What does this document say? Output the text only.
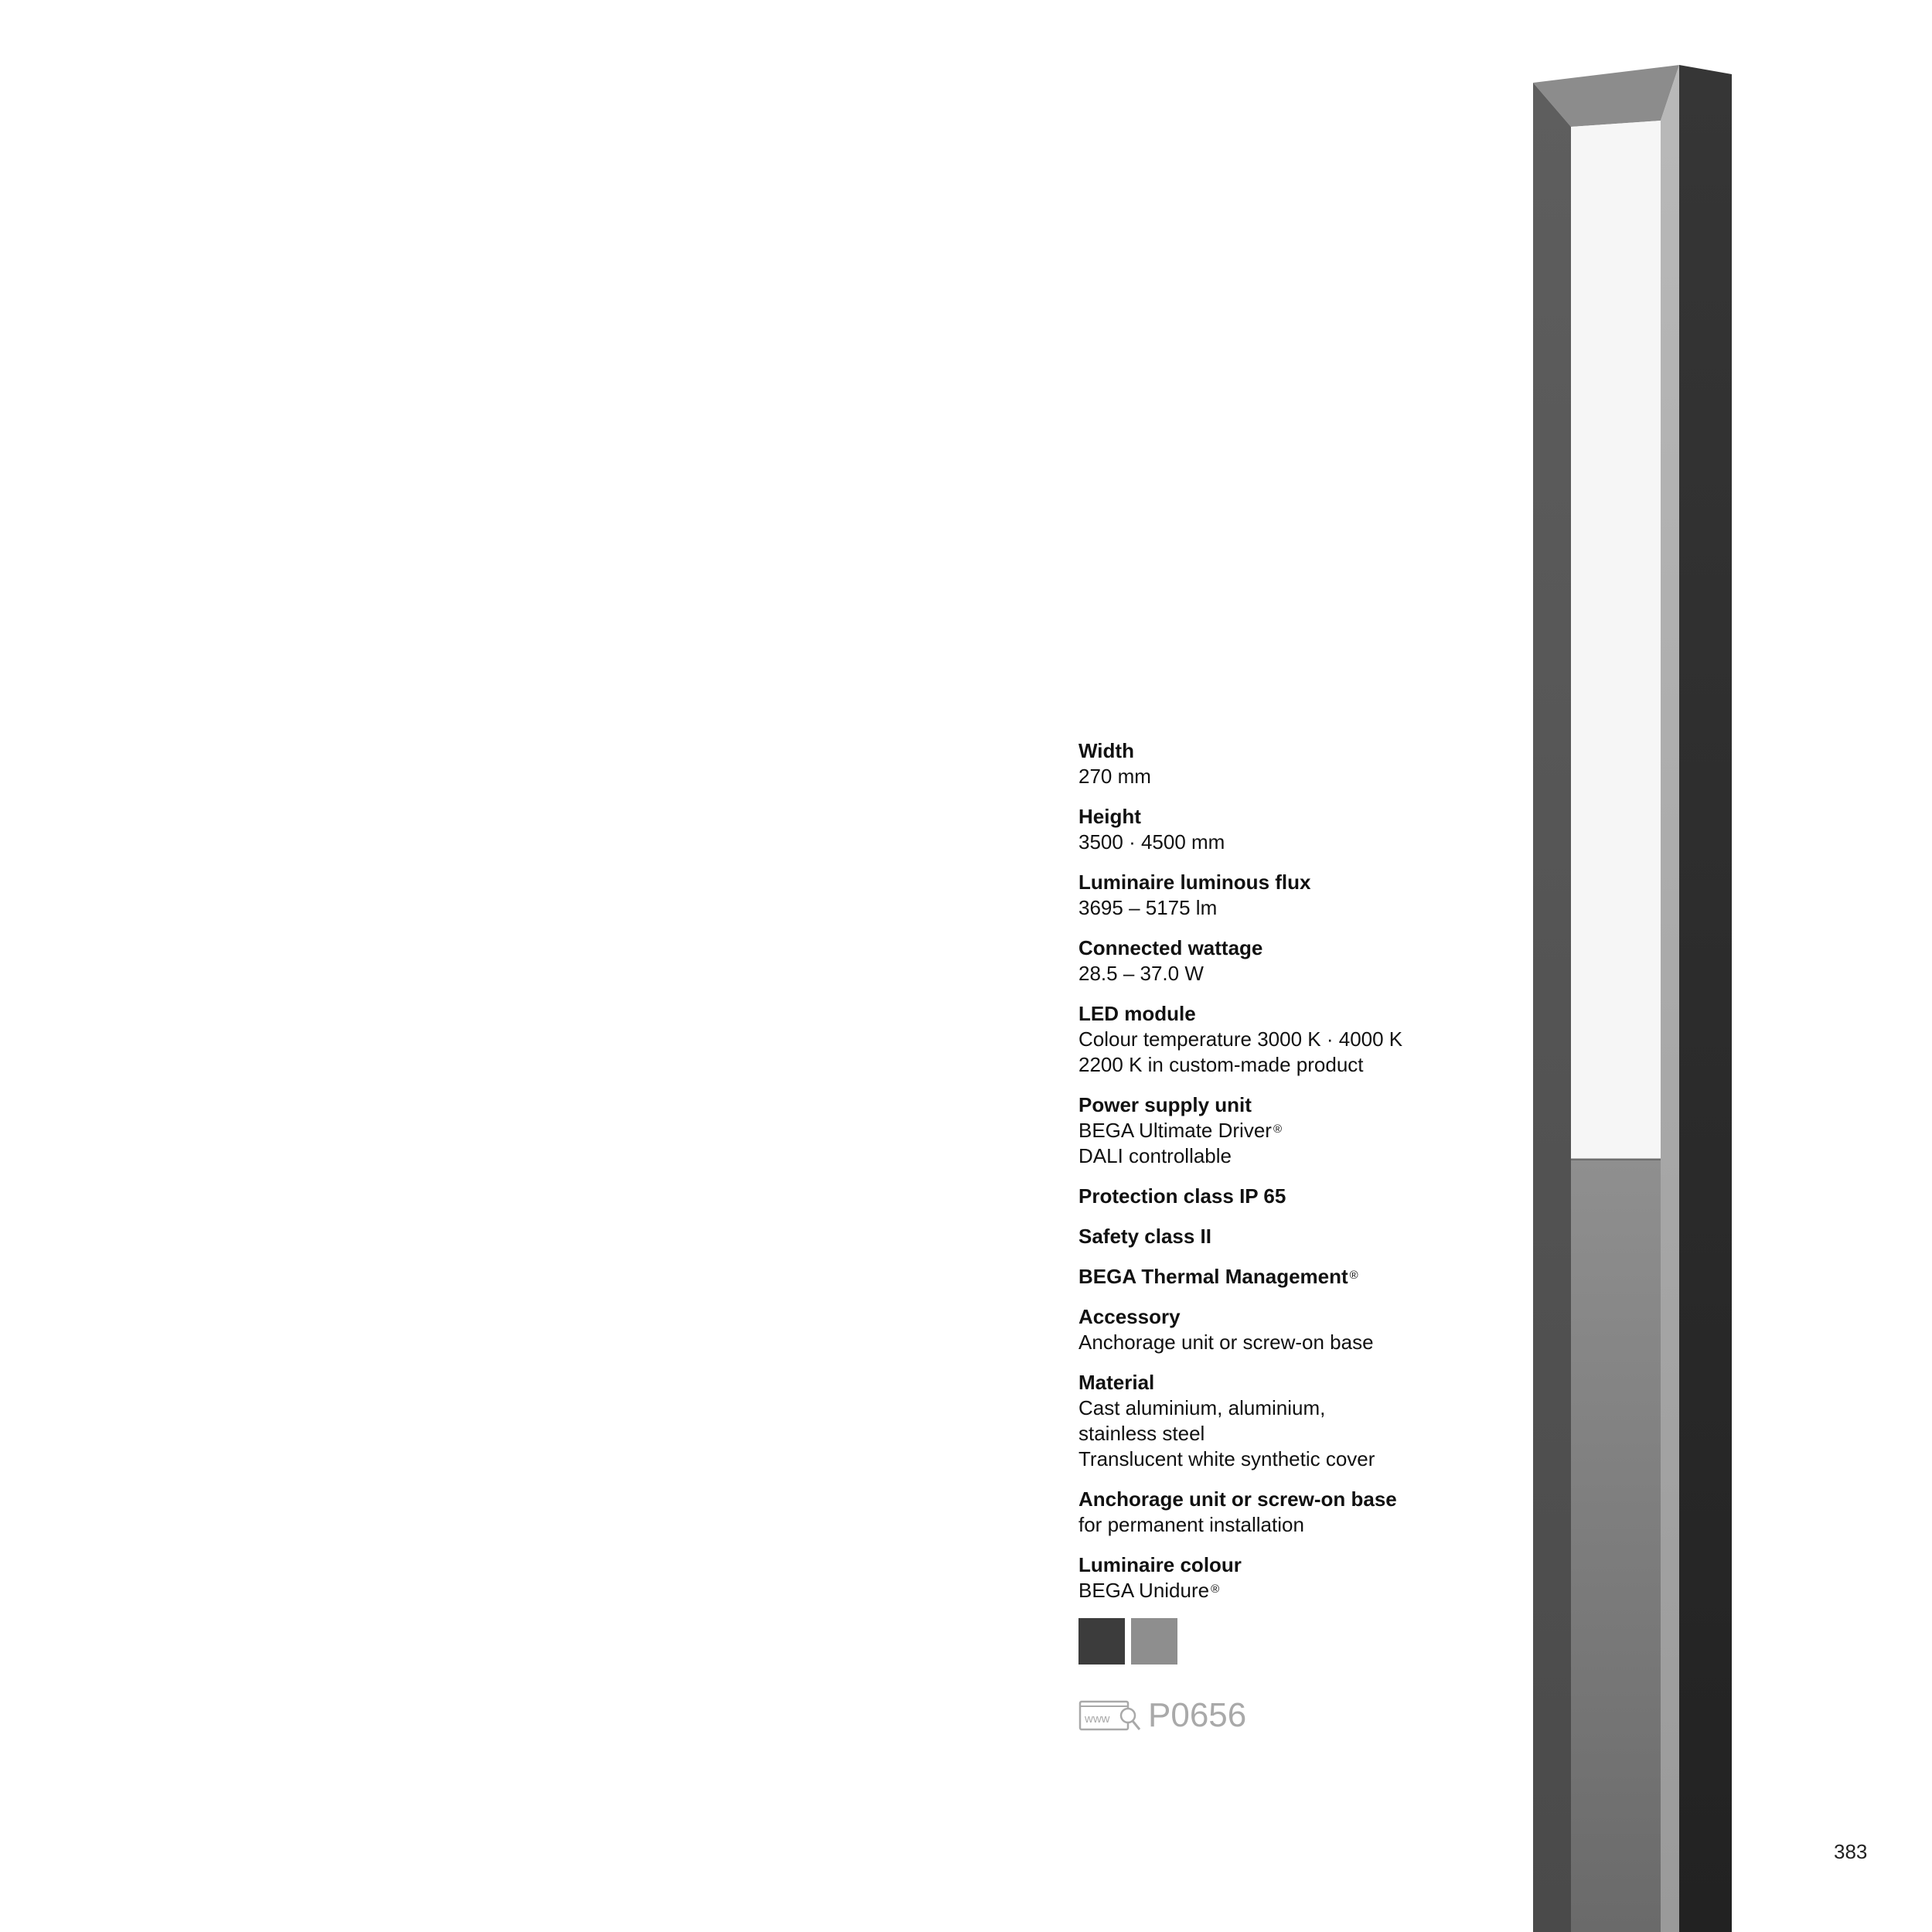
Width
270 mm
Height
3500 · 4500 mm
Luminaire luminous flux
3695 – 5175 lm
Connected wattage
28.5 – 37.0 W
LED module
Colour temperature 3000 K · 4000 K
2200 K in custom-made product
Power supply unit
BEGA Ultimate Driver ®
DALI controllable
Protection class IP 65
Safety class II
BEGA Thermal Management ®
Accessory
Anchorage unit or screw-on base
Material
Cast aluminium, aluminium,
stainless steel
Translucent white synthetic cover
Anchorage unit or screw-on base
for permanent installation
Luminaire colour
BEGA Unidure ®
www P0656
383
